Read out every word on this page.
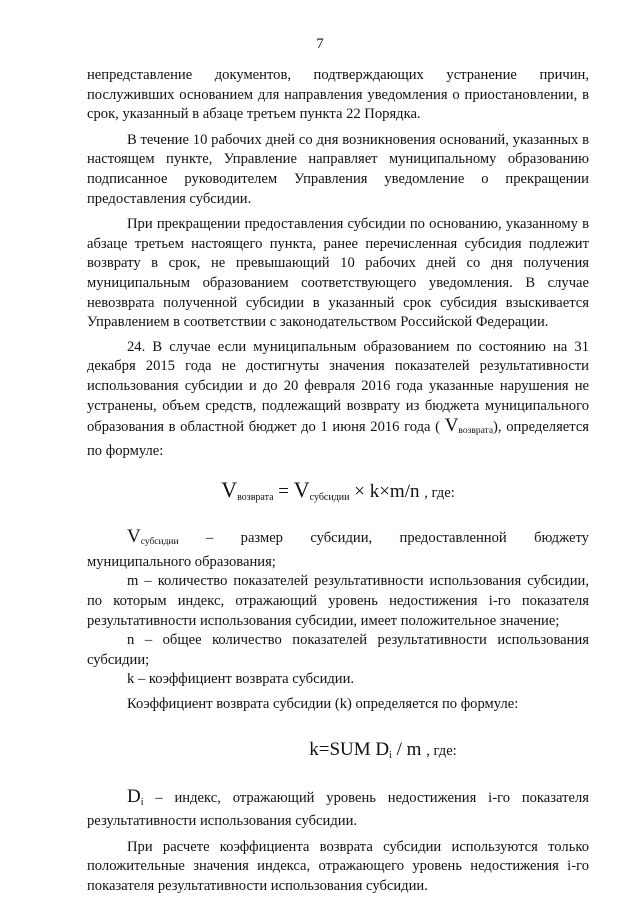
7

непредставление документов, подтверждающих устранение причин, послуживших основанием для направления уведомления о приостановлении, в срок, указанный в абзаце третьем пункта 22 Порядка.

В течение 10 рабочих дней со дня возникновения оснований, указанных в настоящем пункте, Управление направляет муниципальному образованию подписанное руководителем Управления уведомление о прекращении предоставления субсидии.

При прекращении предоставления субсидии по основанию, указанному в абзаце третьем настоящего пункта, ранее перечисленная субсидия подлежит возврату в срок, не превышающий 10 рабочих дней со дня получения муниципальным образованием соответствующего уведомления. В случае невозврата полученной субсидии в указанный срок субсидия взыскивается Управлением в соответствии с законодательством Российской Федерации.

24. В случае если муниципальным образованием по состоянию на 31 декабря 2015 года не достигнуты значения показателей результативности использования субсидии и до 20 февраля 2016 года указанные нарушения не устранены, объем средств, подлежащий возврату из бюджета муниципального образования в областной бюджет до 1 июня 2016 года ( $V_{возврата}$), определяется по формуле:

$V_{возврата} = V_{субсидии} \times k\times m/n$ , где:
$V_{субсидии}$ – размер субсидии, предоставленной бюджету

муниципального образования;

m – количество показателей результативности использования субсидии, по которым индекс, отражающий уровень недостижения i-го показателя результативности использования субсидии, имеет положительное значение;

n – общее количество показателей результативности использования субсидии;

k – коэффициент возврата субсидии.

Коэффициент возврата субсидии (k) определяется по формуле:

k=SUM $D_i$ / m , где:

$D_i$ – индекс, отражающий уровень недостижения i-го показателя результативности использования субсидии.

При расчете коэффициента возврата субсидии используются только положительные значения индекса, отражающего уровень недостижения i-го показателя результативности использования субсидии.
